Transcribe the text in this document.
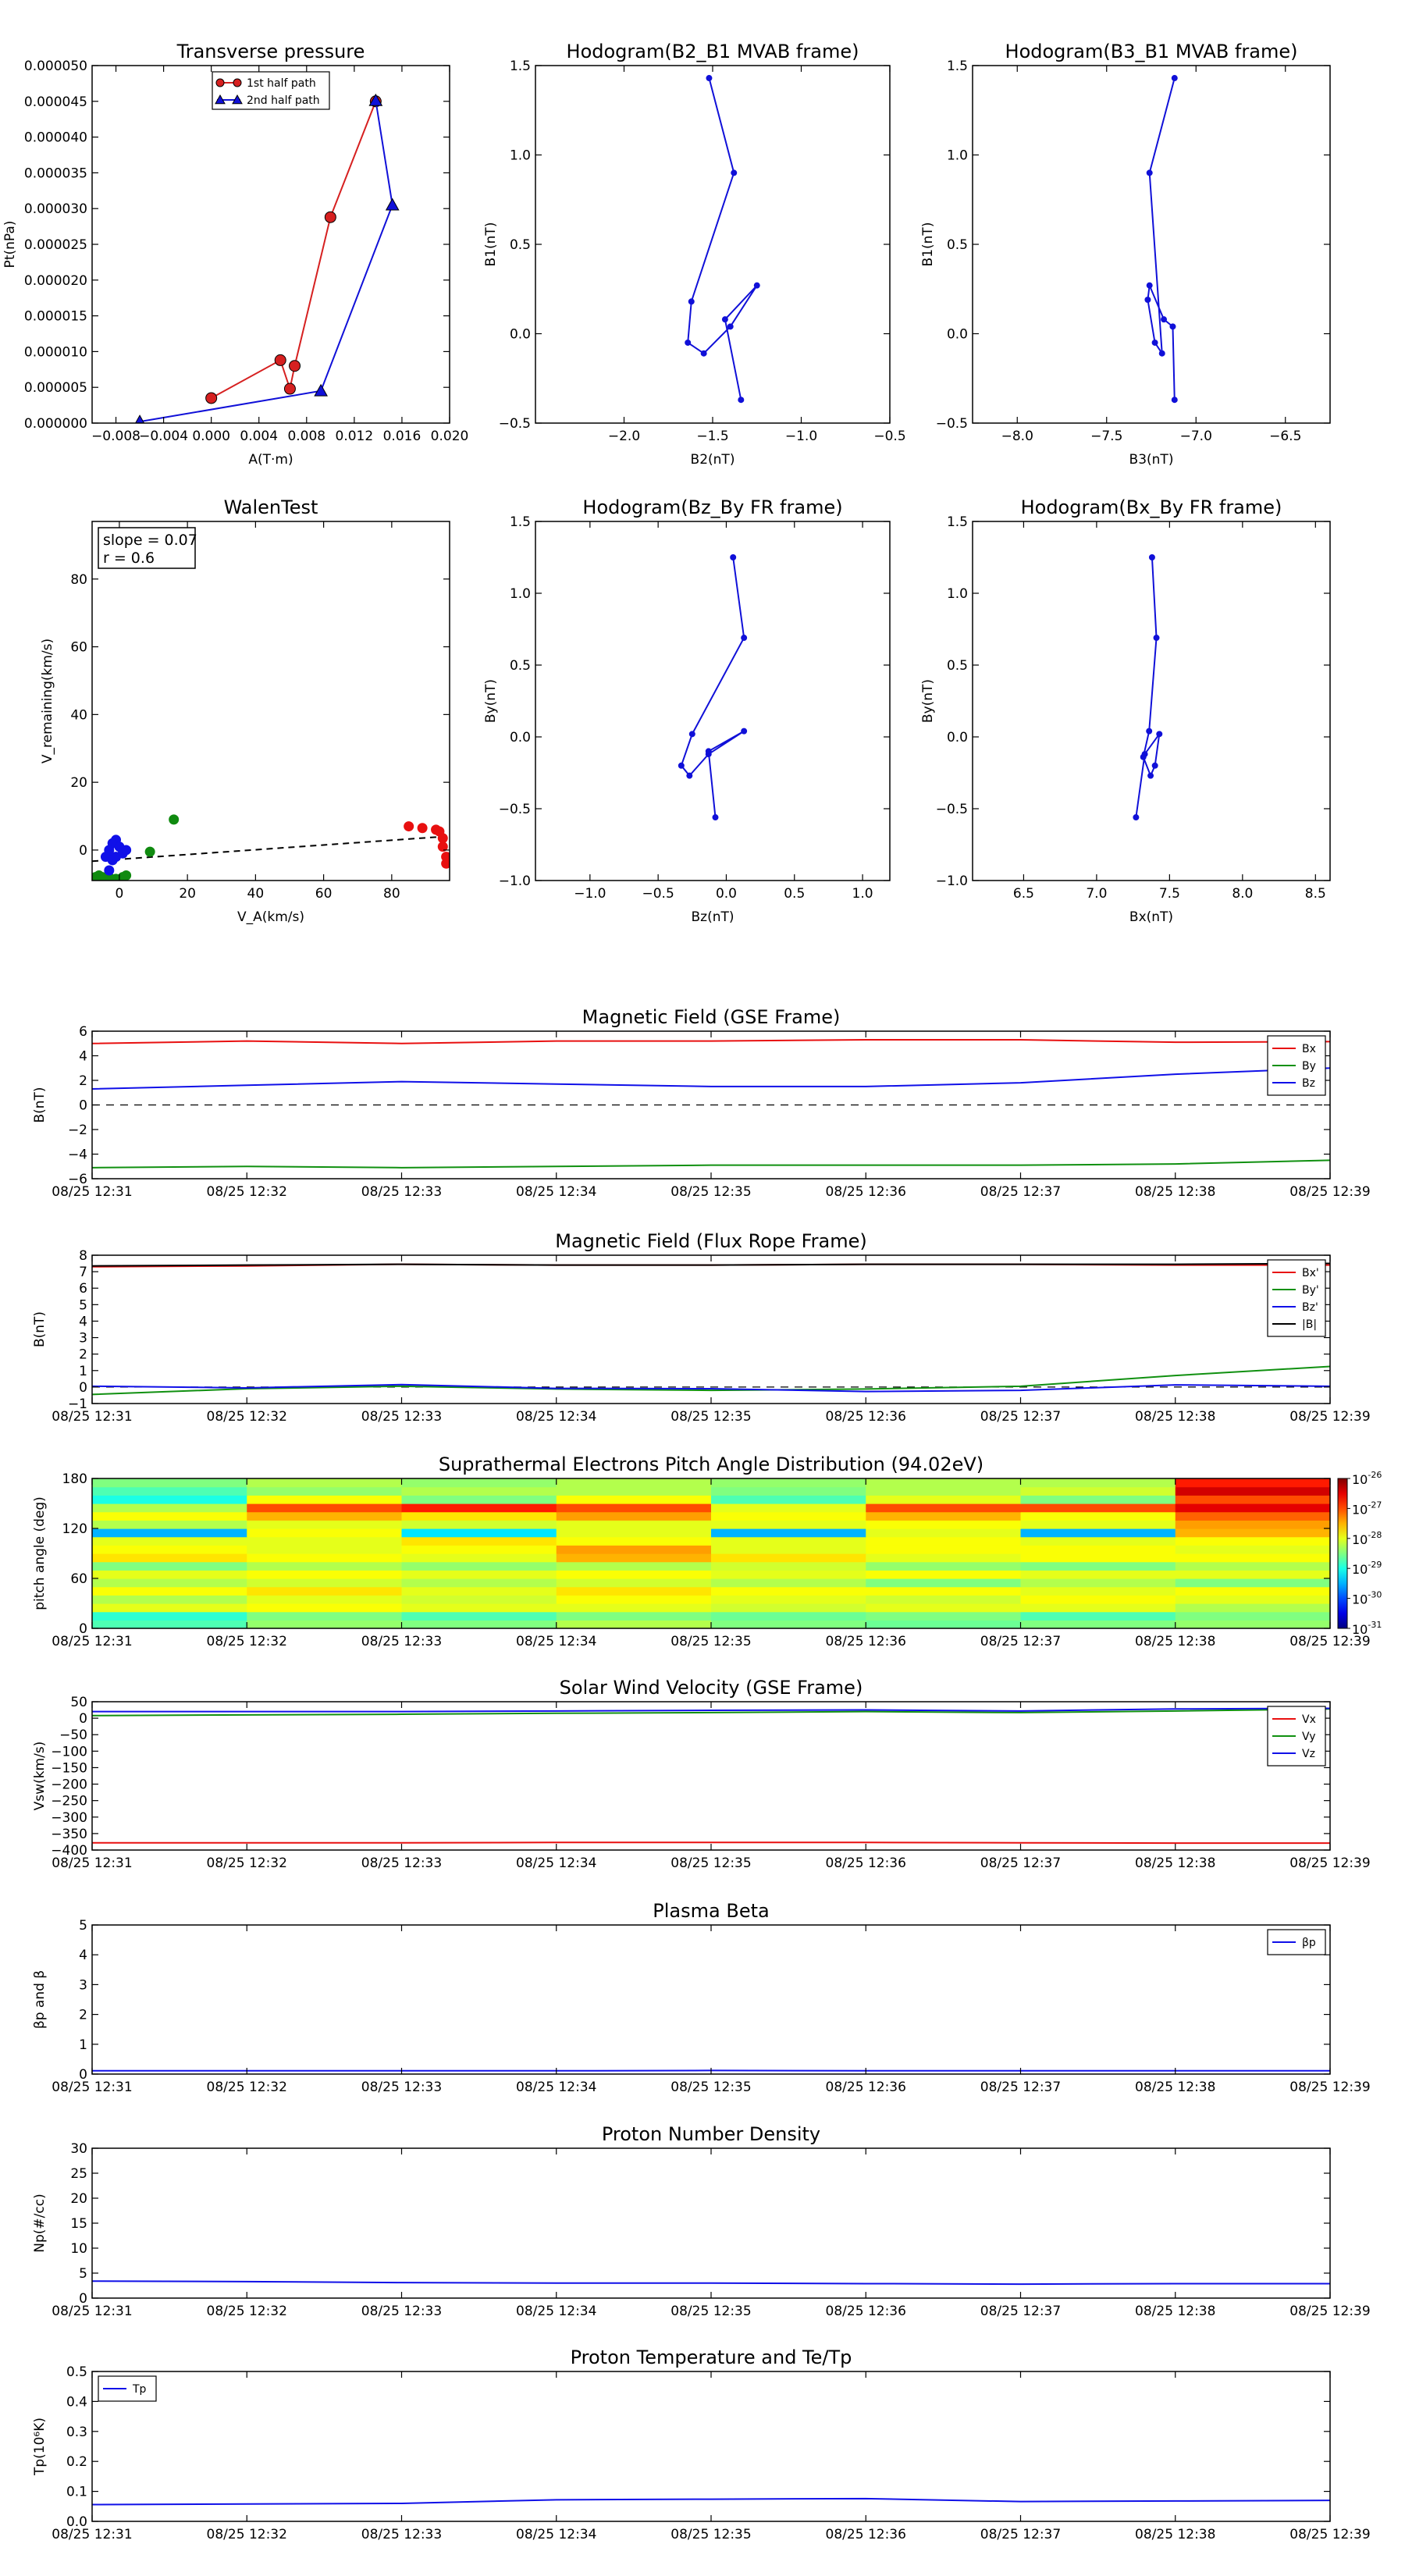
0.000000
0.000005
0.000010
0.000015
0.000020
0.000025
0.000030
0.000035
0.000040
0.000045
0.000050
−0.008
−0.004 0.000 0.004 0.008 0.012 0.016 0.020
Transverse pressure
Pt(nPa)
A(T·m)
1st half path
2nd half path
−0.5
0.0
0.5
1.0
1.5
−2.0	−1.5	−1.0	−0.5
Hodogram(B2_B1 MVAB frame)
B1(nT)
B2(nT)
−0.5
0.0
0.5
1.0
1.5
−8.0	−7.5	−7.0	−6.5
Hodogram(B3_B1 MVAB frame)
B1(nT)
B3(nT)
0
20
40
60
80
0	20	40	60	80
WalenTest
V_remaining(km/s)
V_A(km/s)
slope = 0.07
r = 0.6
−1.0
−0.5
0.0
0.5
1.0
1.5
−1.0	−0.5	0.0	0.5	1.0
Hodogram(Bz_By FR frame)
By(nT)
Bz(nT)
−1.0
−0.5
0.0
0.5
1.0
1.5
6.5	7.0	7.5	8.0	8.5
Hodogram(Bx_By FR frame)
By(nT)
Bx(nT)
−6
−4
−2
0
2
4
6
08/25 12:31	08/25 12:32	08/25 12:33	08/25 12:34	08/25 12:35	08/25 12:36	08/25 12:37	08/25 12:38	08/25 12:39
Magnetic Field (GSE Frame)
B(nT)
Bx
By
Bz
−1
0
1
2
3
4
5
6
7
8
08/25 12:31	08/25 12:32	08/25 12:33	08/25 12:34	08/25 12:35	08/25 12:36	08/25 12:37	08/25 12:38	08/25 12:39
Magnetic Field (Flux Rope Frame)
B(nT)
Bx'
By'
Bz'
|B|
0
60
120
180
08/25 12:31	08/25 12:32	08/25 12:33	08/25 12:34	08/25 12:35	08/25 12:36	08/25 12:37	08/25 12:38	08/25 12:39
Suprathermal Electrons Pitch Angle Distribution (94.02eV)
pitch angle (deg)
$10^{-26}$
$10^{-27}$
$10^{-28}$
$10^{-29}$
$10^{-30}$
$10^{-31}$
−400
−350
−300
−250
−200
−150
−100
−50
0
50
08/25 12:31	08/25 12:32	08/25 12:33	08/25 12:34	08/25 12:35	08/25 12:36	08/25 12:37	08/25 12:38	08/25 12:39
Solar Wind Velocity (GSE Frame)
Vsw(km/s)
Vx
Vy
Vz
0
1
2
3
4
5
08/25 12:31	08/25 12:32	08/25 12:33	08/25 12:34	08/25 12:35	08/25 12:36	08/25 12:37	08/25 12:38	08/25 12:39
Plasma Beta
βp and β
βp
0
5
10
15
20
25
30
08/25 12:31	08/25 12:32	08/25 12:33	08/25 12:34	08/25 12:35	08/25 12:36	08/25 12:37	08/25 12:38	08/25 12:39
Proton Number Density
Np(#/cc)
0.0
0.1
0.2
0.3
0.4
0.5
08/25 12:31	08/25 12:32	08/25 12:33	08/25 12:34	08/25 12:35	08/25 12:36	08/25 12:37	08/25 12:38	08/25 12:39
Proton Temperature and Te/Tp
Tp(10⁶K)
Tp
